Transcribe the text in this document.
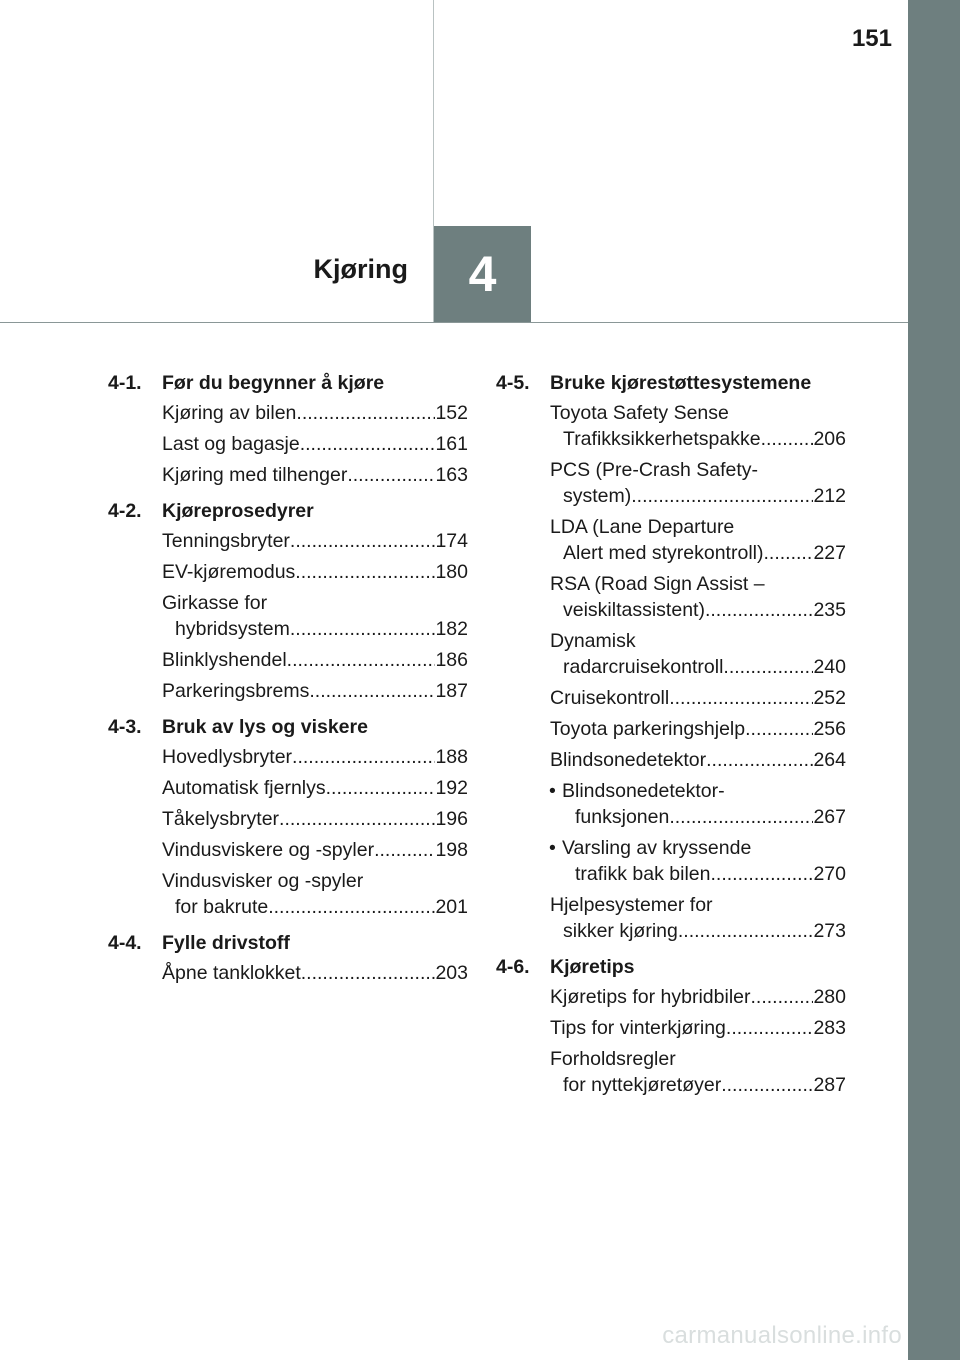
151
Kjøring 4
4-1.	Før du begynner å kjøre
Kjøring av bilen .....	152
Last og bagasje .....	161
Kjøring med tilhenger .....	163
4-2.	Kjøreprosedyrer
Tenningsbryter .....	174
EV-kjøremodus .....	180
Girkasse for
hybridsystem .....	182
Blinklyshendel .....	186
Parkeringsbrems .....	187
4-3.	Bruk av lys og viskere
Hovedlysbryter .....	188
Automatisk fjernlys .....	192
Tåkelysbryter .....	196
Vindusviskere og -spyler .....	198
Vindusvisker og -spyler
for bakrute .....	201
4-4.	Fylle drivstoff
Åpne tanklokket .....	203
4-5.	Bruke kjørestøttesystemene
Toyota Safety Sense
Trafikksikkerhetspakke .....	206
PCS (Pre-Crash Safety-
system) .....	212
LDA (Lane Departure
Alert med styrekontroll) .....	227
RSA (Road Sign Assist –
veiskiltassistent) .....	235
Dynamisk
radarcruisekontroll .....	240
Cruisekontroll .....	252
Toyota parkeringshjelp .....	256
Blindsonedetektor .....	264
• Blindsonedetektor-
funksjonen .....	267
• Varsling av kryssende
trafikk bak bilen .....	270
Hjelpesystemer for
sikker kjøring .....	273
4-6.	Kjøretips
Kjøretips for hybridbiler .....	280
Tips for vinterkjøring .....	283
Forholdsregler
for nyttekjøretøyer .....	287
carmanualsonline.info
